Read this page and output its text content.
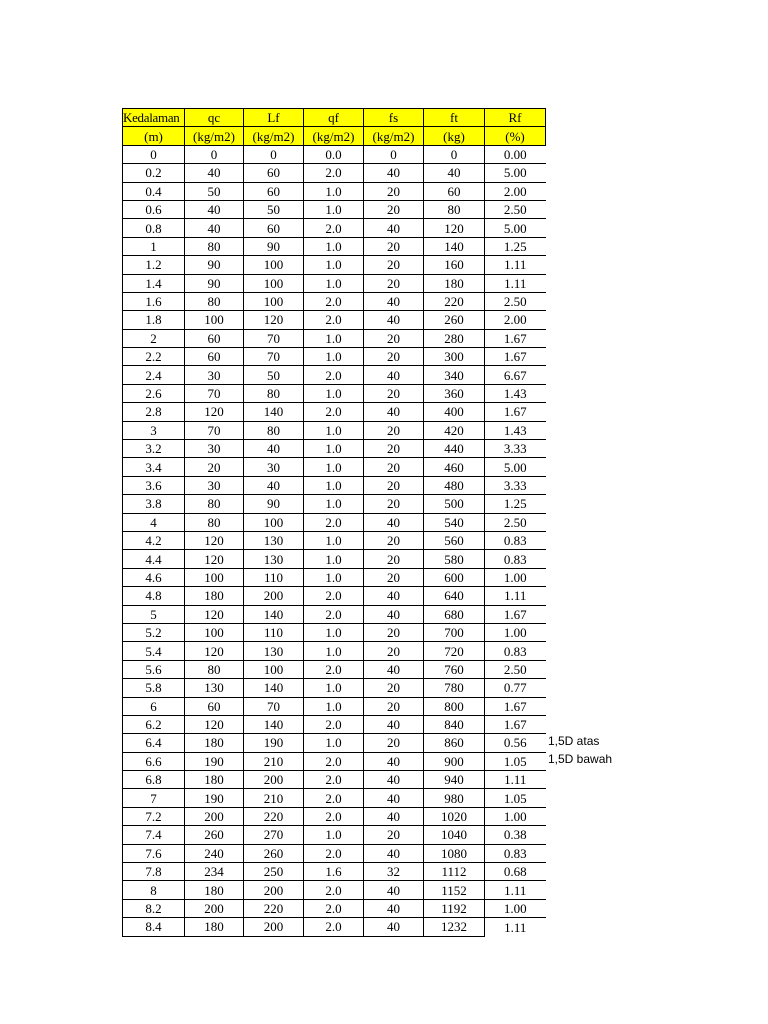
Kedalaman	qc	Lf	qf	fs	ft	Rf
(m)	(kg/m2)	(kg/m2)	(kg/m2)	(kg/m2)	(kg)	(%)
0	0	0	0.0	0	0	0.00
0.2	40	60	2.0	40	40	5.00
0.4	50	60	1.0	20	60	2.00
0.6	40	50	1.0	20	80	2.50
0.8	40	60	2.0	40	120	5.00
1	80	90	1.0	20	140	1.25
1.2	90	100	1.0	20	160	1.11
1.4	90	100	1.0	20	180	1.11
1.6	80	100	2.0	40	220	2.50
1.8	100	120	2.0	40	260	2.00
2	60	70	1.0	20	280	1.67
2.2	60	70	1.0	20	300	1.67
2.4	30	50	2.0	40	340	6.67
2.6	70	80	1.0	20	360	1.43
2.8	120	140	2.0	40	400	1.67
3	70	80	1.0	20	420	1.43
3.2	30	40	1.0	20	440	3.33
3.4	20	30	1.0	20	460	5.00
3.6	30	40	1.0	20	480	3.33
3.8	80	90	1.0	20	500	1.25
4	80	100	2.0	40	540	2.50
4.2	120	130	1.0	20	560	0.83
4.4	120	130	1.0	20	580	0.83
4.6	100	110	1.0	20	600	1.00
4.8	180	200	2.0	40	640	1.11
5	120	140	2.0	40	680	1.67
5.2	100	110	1.0	20	700	1.00
5.4	120	130	1.0	20	720	0.83
5.6	80	100	2.0	40	760	2.50
5.8	130	140	1.0	20	780	0.77
6	60	70	1.0	20	800	1.67
6.2	120	140	2.0	40	840	1.67
6.4	180	190	1.0	20	860	0.56
6.6	190	210	2.0	40	900	1.05
6.8	180	200	2.0	40	940	1.11
7	190	210	2.0	40	980	1.05
7.2	200	220	2.0	40	1020	1.00
7.4	260	270	1.0	20	1040	0.38
7.6	240	260	2.0	40	1080	0.83
7.8	234	250	1.6	32	1112	0.68
8	180	200	2.0	40	1152	1.11
8.2	200	220	2.0	40	1192	1.00
8.4	180	200	2.0	40	1232	1.11
1,5D atas
1,5D bawah
